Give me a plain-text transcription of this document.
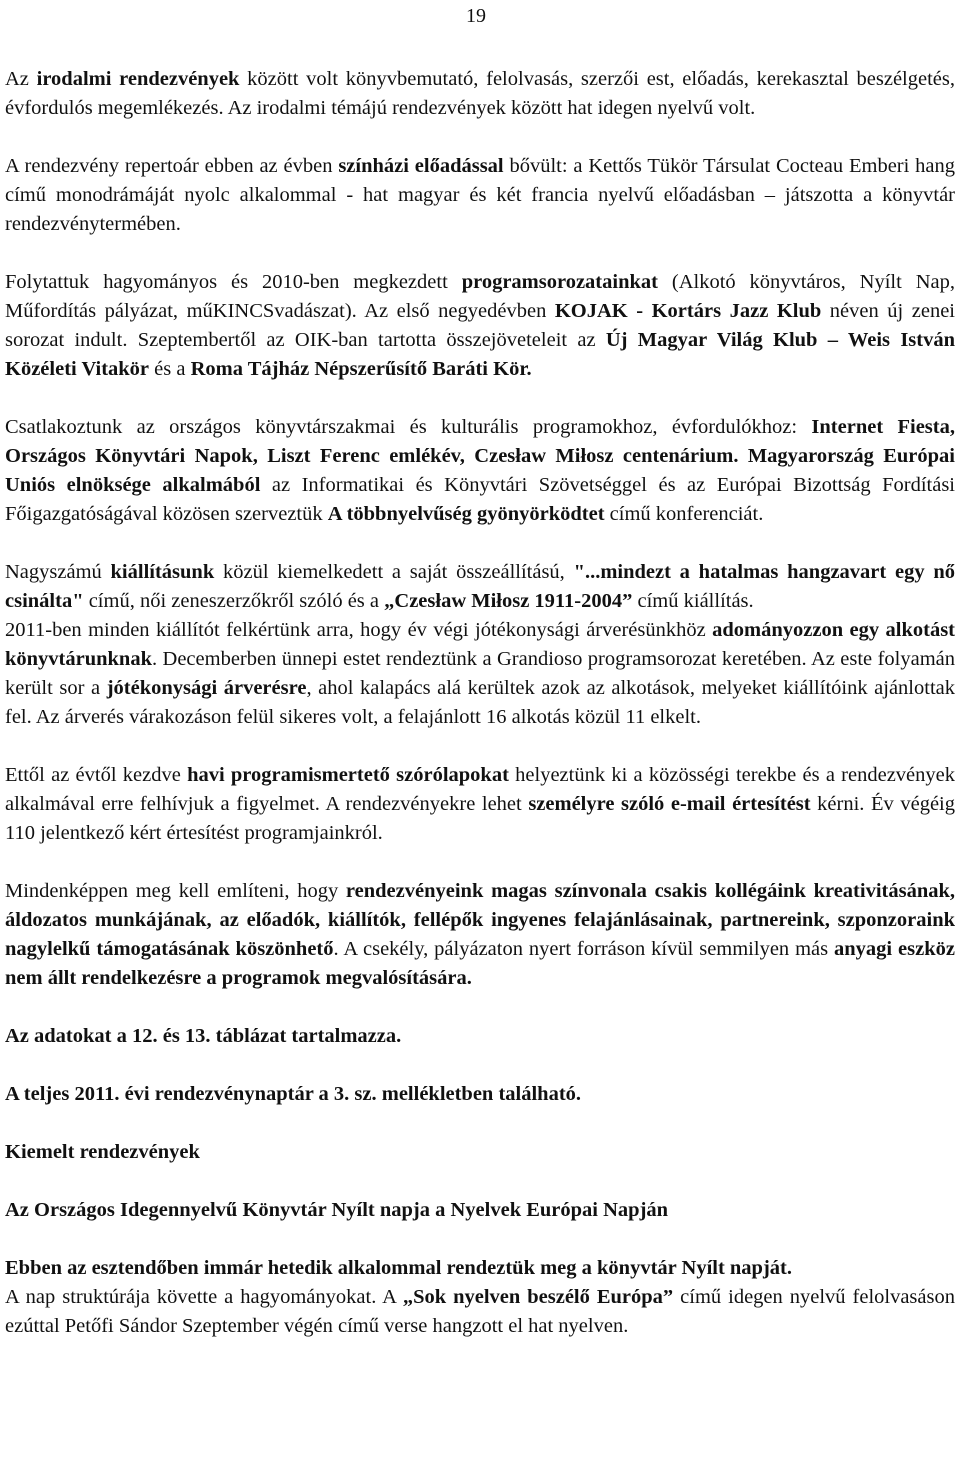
19

Az irodalmi rendezvények között volt könyvbemutató, felolvasás, szerzői est, előadás, kerekasztal beszélgetés, évfordulós megemlékezés. Az irodalmi témájú rendezvények között hat idegen nyelvű volt.

A rendezvény repertoár ebben az évben színházi előadással bővült: a Kettős Tükör Társulat Cocteau Emberi hang című monodrámáját nyolc alkalommal - hat magyar és két francia nyelvű előadásban – játszotta a könyvtár rendezvénytermében.

Folytattuk hagyományos és 2010-ben megkezdett programsorozatainkat (Alkotó könyvtáros, Nyílt Nap, Műfordítás pályázat, műKINCSvadászat). Az első negyedévben KOJAK - Kortárs Jazz Klub néven új zenei sorozat indult. Szeptembertől az OIK-ban tartotta összejöveteleit az Új Magyar Világ Klub – Weis István Közéleti Vitakör és a Roma Tájház Népszerűsítő Baráti Kör.

Csatlakoztunk az országos könyvtárszakmai és kulturális programokhoz, évfordulókhoz: Internet Fiesta, Országos Könyvtári Napok, Liszt Ferenc emlékév, Czesław Miłosz centenárium. Magyarország Európai Uniós elnöksége alkalmából az Informatikai és Könyvtári Szövetséggel és az Európai Bizottság Fordítási Főigazgatóságával közösen szerveztük A többnyelvűség gyönyörködtet című konferenciát.

Nagyszámú kiállításunk közül kiemelkedett a saját összeállítású, "...mindezt a hatalmas hangzavart egy nő csinálta" című, női zeneszerzőkről szóló és a „Czesław Miłosz 1911-2004” című kiállítás.

2011-ben minden kiállítót felkértünk arra, hogy év végi jótékonysági árverésünkhöz adományozzon egy alkotást könyvtárunknak. Decemberben ünnepi estet rendeztünk a Grandioso programsorozat keretében. Az este folyamán került sor a jótékonysági árverésre, ahol kalapács alá kerültek azok az alkotások, melyeket kiállítóink ajánlottak fel. Az árverés várakozáson felül sikeres volt, a felajánlott 16 alkotás közül 11 elkelt.

Ettől az évtől kezdve havi programismertető szórólapokat helyeztünk ki a közösségi terekbe és a rendezvények alkalmával erre felhívjuk a figyelmet. A rendezvényekre lehet személyre szóló e-mail értesítést kérni. Év végéig 110 jelentkező kért értesítést programjainkról.

Mindenképpen meg kell említeni, hogy rendezvényeink magas színvonala csakis kollégáink kreativitásának, áldozatos munkájának, az előadók, kiállítók, fellépők ingyenes felajánlásainak, partnereink, szponzoraink nagylelkű támogatásának köszönhető. A csekély, pályázaton nyert forráson kívül semmilyen más anyagi eszköz nem állt rendelkezésre a programok megvalósítására.

Az adatokat a 12. és 13. táblázat tartalmazza.

A teljes 2011. évi rendezvénynaptár a 3. sz. mellékletben található.

Kiemelt rendezvények

Az Országos Idegennyelvű Könyvtár Nyílt napja a Nyelvek Európai Napján

Ebben az esztendőben immár hetedik alkalommal rendeztük meg a könyvtár Nyílt napját.

A nap struktúrája követte a hagyományokat. A „Sok nyelven beszélő Európa” című idegen nyelvű felolvasáson ezúttal Petőfi Sándor Szeptember végén című verse hangzott el hat nyelven.
